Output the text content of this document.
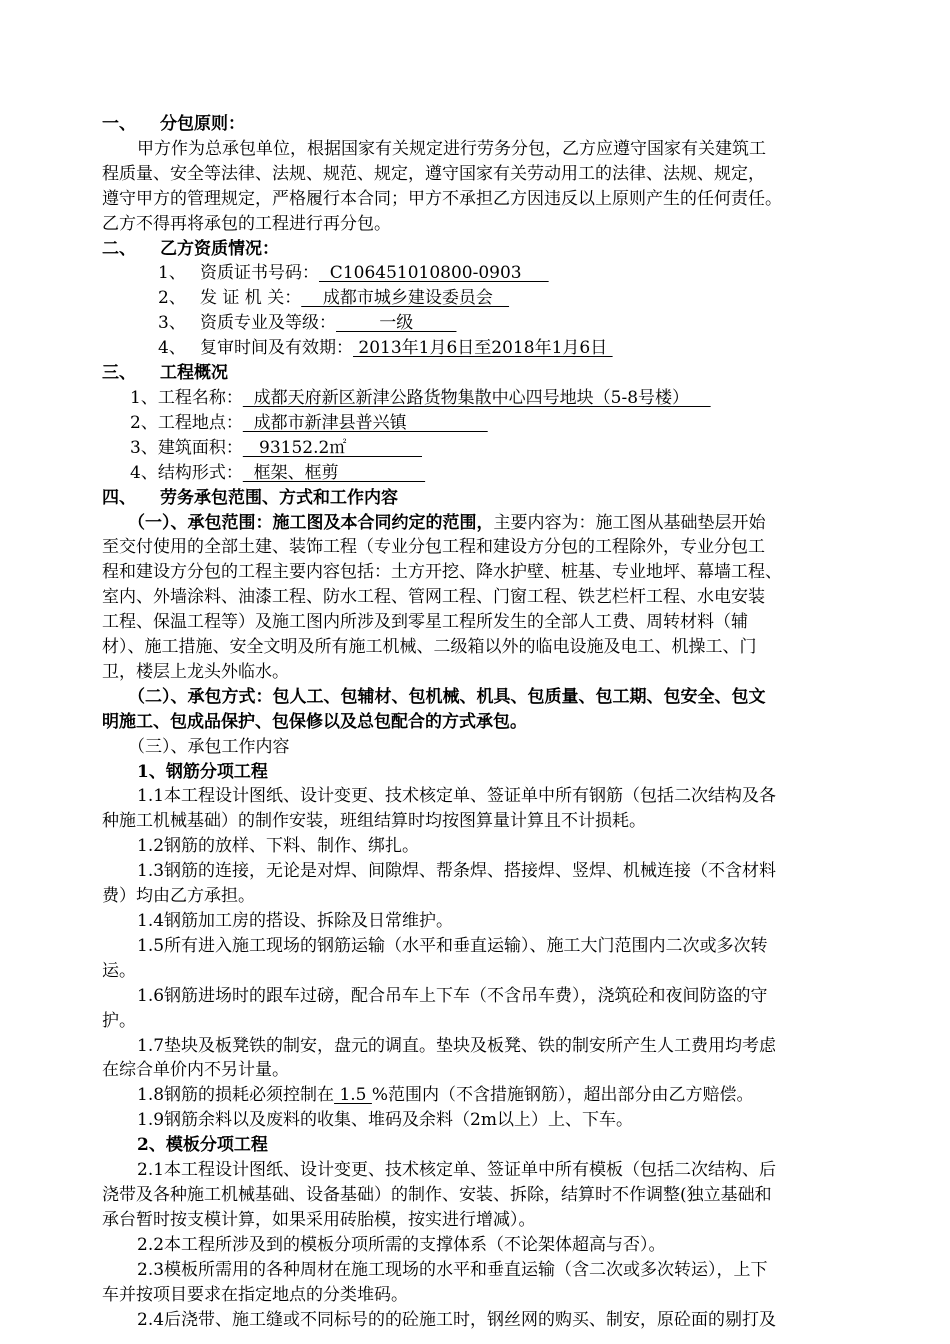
一、 分包原则：
甲方作为总承包单位，根据国家有关规定进行劳务分包，乙方应遵守国家有关建筑工
程质量、安全等法律、法规、规范、规定，遵守国家有关劳动用工的法律、法规、规定，
遵守甲方的管理规定，严格履行本合同；甲方不承担乙方因违反以上原则产生的任何责任。
乙方不得再将承包的工程进行再分包。
二、 乙方资质情况：
1、 资质证书号码：  C106451010800-0903
2、 发 证 机 关：    成都市城乡建设委员会
3、 资质专业及等级：        一级
4、 复审时间及有效期： 2013年1月6日至2018年1月6日
三、 工程概况
1、工程名称：  成都天府新区新津公路货物集散中心四号地块（5-8号楼）
2、工程地点：  成都市新津县普兴镇
3、建筑面积：   93152.2㎡
4、结构形式：  框架、框剪
四、 劳务承包范围、方式和工作内容
（一）、承包范围：施工图及本合同约定的范围，主要内容为：施工图从基础垫层开始
至交付使用的全部土建、装饰工程（专业分包工程和建设方分包的工程除外，专业分包工
程和建设方分包的工程主要内容包括：土方开挖、降水护壁、桩基、专业地坪、幕墙工程、
室内、外墙涂料、油漆工程、防水工程、管网工程、门窗工程、铁艺栏杆工程、水电安装
工程、保温工程等）及施工图内所涉及到零星工程所发生的全部人工费、周转材料（辅
材）、施工措施、安全文明及所有施工机械、二级箱以外的临电设施及电工、机操工、门
卫，楼层上龙头外临水。
（二）、承包方式：包人工、包辅材、包机械、机具、包质量、包工期、包安全、包文
明施工、包成品保护、包保修以及总包配合的方式承包。
（三）、承包工作内容
1、钢筋分项工程
1.1本工程设计图纸、设计变更、技术核定单、签证单中所有钢筋（包括二次结构及各
种施工机械基础）的制作安装，班组结算时均按图算量计算且不计损耗。
1.2钢筋的放样、下料、制作、绑扎。
1.3钢筋的连接，无论是对焊、间隙焊、帮条焊、搭接焊、竖焊、机械连接（不含材料
费）均由乙方承担。
1.4钢筋加工房的搭设、拆除及日常维护。
1.5所有进入施工现场的钢筋运输（水平和垂直运输）、施工大门范围内二次或多次转
运。
1.6钢筋进场时的跟车过磅，配合吊车上下车（不含吊车费），浇筑砼和夜间防盗的守
护。
1.7垫块及板凳铁的制安，盘元的调直。垫块及板凳、铁的制安所产生人工费用均考虑
在综合单价内不另计量。
1.8钢筋的损耗必须控制在 1.5 %范围内（不含措施钢筋），超出部分由乙方赔偿。
1.9钢筋余料以及废料的收集、堆码及余料（2m以上）上、下车。
2、模板分项工程
2.1本工程设计图纸、设计变更、技术核定单、签证单中所有模板（包括二次结构、后
浇带及各种施工机械基础、设备基础）的制作、安装、拆除，结算时不作调整(独立基础和
承台暂时按支模计算，如果采用砖胎模，按实进行增减）。
2.2本工程所涉及到的模板分项所需的支撑体系（不论架体超高与否）。
2.3模板所需用的各种周材在施工现场的水平和垂直运输（含二次或多次转运），上下
车并按项目要求在指定地点的分类堆码。
2.4后浇带、施工缝或不同标号的的砼施工时，钢丝网的购买、制安，原砼面的剔打及
